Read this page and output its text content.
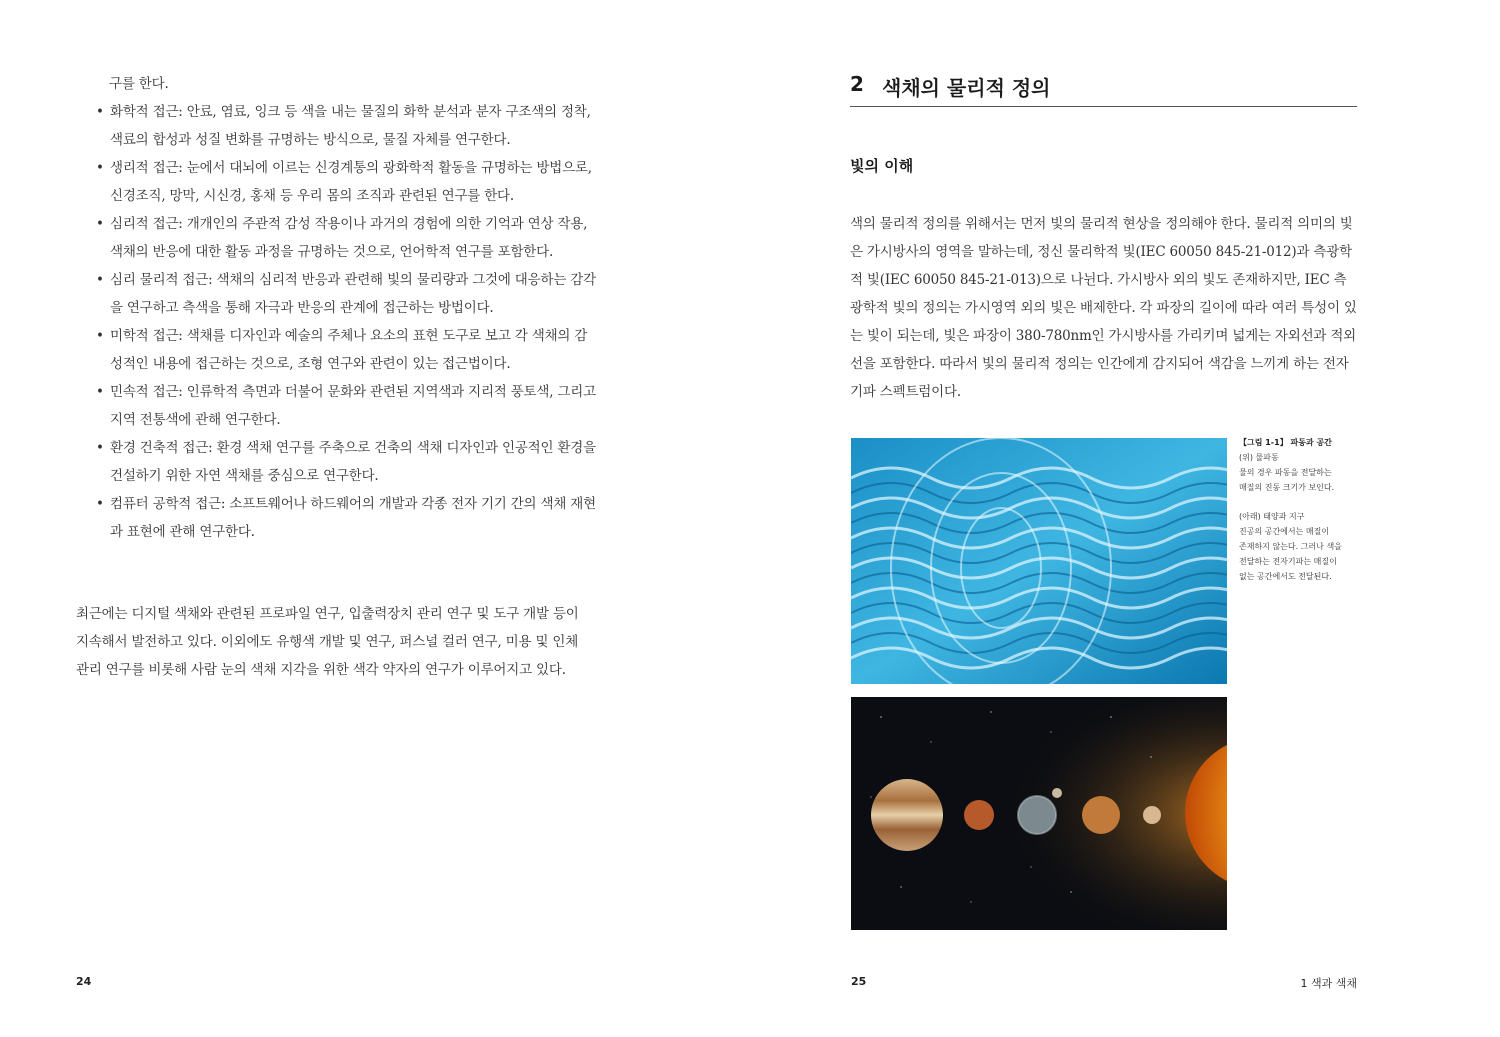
구를 한다.
• 화학적 접근: 안료, 염료, 잉크 등 색을 내는 물질의 화학 분석과 분자 구조색의 정착, 색료의 합성과 성질 변화를 규명하는 방식으로, 물질 자체를 연구한다.
• 생리적 접근: 눈에서 대뇌에 이르는 신경계통의 광화학적 활동을 규명하는 방법으로, 신경조직, 망막, 시신경, 홍채 등 우리 몸의 조직과 관련된 연구를 한다.
• 심리적 접근: 개개인의 주관적 감성 작용이나 과거의 경험에 의한 기억과 연상 작용, 색채의 반응에 대한 활동 과정을 규명하는 것으로, 언어학적 연구를 포함한다.
• 심리 물리적 접근: 색채의 심리적 반응과 관련해 빛의 물리량과 그것에 대응하는 감각을 연구하고 측색을 통해 자극과 반응의 관계에 접근하는 방법이다.
• 미학적 접근: 색채를 디자인과 예술의 주체나 요소의 표현 도구로 보고 각 색채의 감성적인 내용에 접근하는 것으로, 조형 연구와 관련이 있는 접근법이다.
• 민속적 접근: 인류학적 측면과 더불어 문화와 관련된 지역색과 지리적 풍토색, 그리고 지역 전통색에 관해 연구한다.
• 환경 건축적 접근: 환경 색채 연구를 주축으로 건축의 색채 디자인과 인공적인 환경을 건설하기 위한 자연 색채를 중심으로 연구한다.
• 컴퓨터 공학적 접근: 소프트웨어나 하드웨어의 개발과 각종 전자 기기 간의 색채 재현과 표현에 관해 연구한다.
최근에는 디지털 색채와 관련된 프로파일 연구, 입출력장치 관리 연구 및 도구 개발 등이 지속해서 발전하고 있다. 이외에도 유행색 개발 및 연구, 퍼스널 컬러 연구, 미용 및 인체 관리 연구를 비롯해 사람 눈의 색채 지각을 위한 색각 약자의 연구가 이루어지고 있다.
24
2 색채의 물리적 정의
빛의 이해
색의 물리적 정의를 위해서는 먼저 빛의 물리적 현상을 정의해야 한다. 물리적 의미의 빛은 가시방사의 영역을 말하는데, 정신 물리학적 빛(IEC 60050 845-21-012)과 측광학적 빛(IEC 60050 845-21-013)으로 나뉜다. 가시방사 외의 빛도 존재하지만, IEC 측광학적 빛의 정의는 가시영역 외의 빛은 배제한다. 각 파장의 길이에 따라 여러 특성이 있는 빛이 되는데, 빛은 파장이 380-780nm인 가시방사를 가리키며 넓게는 자외선과 적외선을 포함한다. 따라서 빛의 물리적 정의는 인간에게 감지되어 색감을 느끼게 하는 전자기파 스펙트럼이다.
【그림 1-1】 파동과 공간
(위) 물파동
물의 경우 파동을 전달하는
매질의 진동 크기가 보인다.
(아래) 태양과 지구
진공의 공간에서는 매질이
존재하지 않는다. 그러나 색을
전달하는 전자기파는 매질이
없는 공간에서도 전달된다.
25	1 색과 색채
